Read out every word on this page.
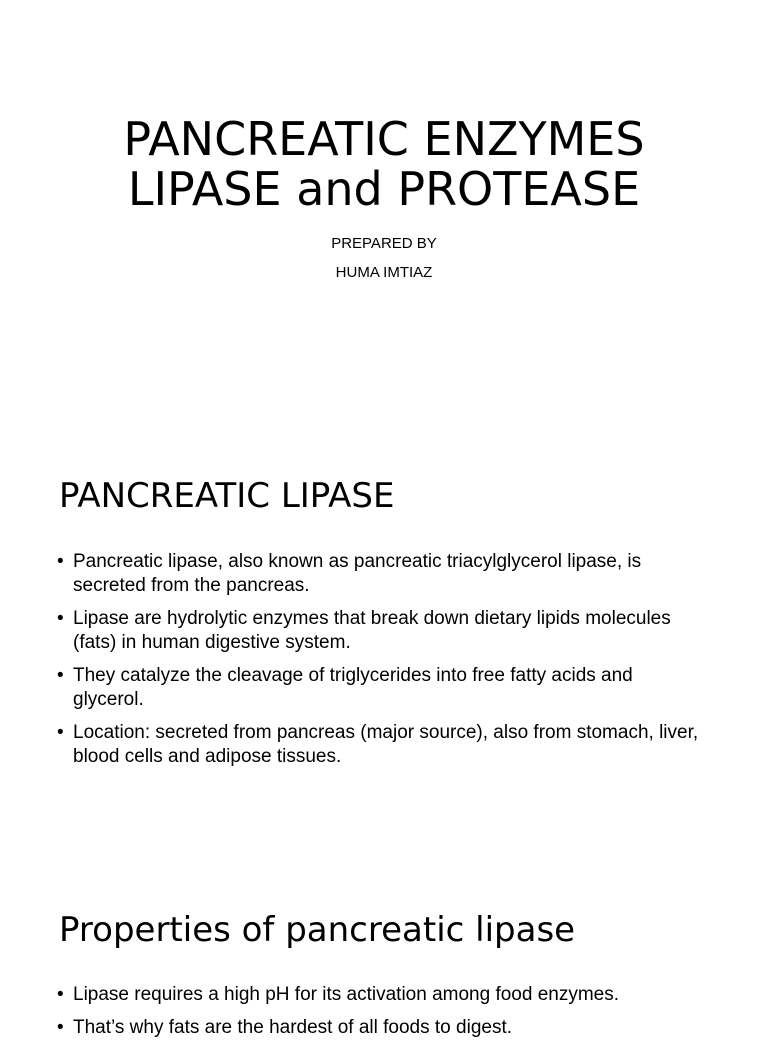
PANCREATIC ENZYMES
LIPASE and PROTEASE
PREPARED BY
HUMA IMTIAZ
PANCREATIC LIPASE
• Pancreatic lipase, also known as pancreatic triacylglycerol lipase, is secreted from the pancreas.
• Lipase are hydrolytic enzymes that break down dietary lipids molecules (fats) in human digestive system.
• They catalyze the cleavage of triglycerides into free fatty acids and glycerol.
• Location: secreted from pancreas (major source), also from stomach, liver, blood cells and adipose tissues.
Properties of pancreatic lipase
• Lipase requires a high pH for its activation among food enzymes.
• That’s why fats are the hardest of all foods to digest.
